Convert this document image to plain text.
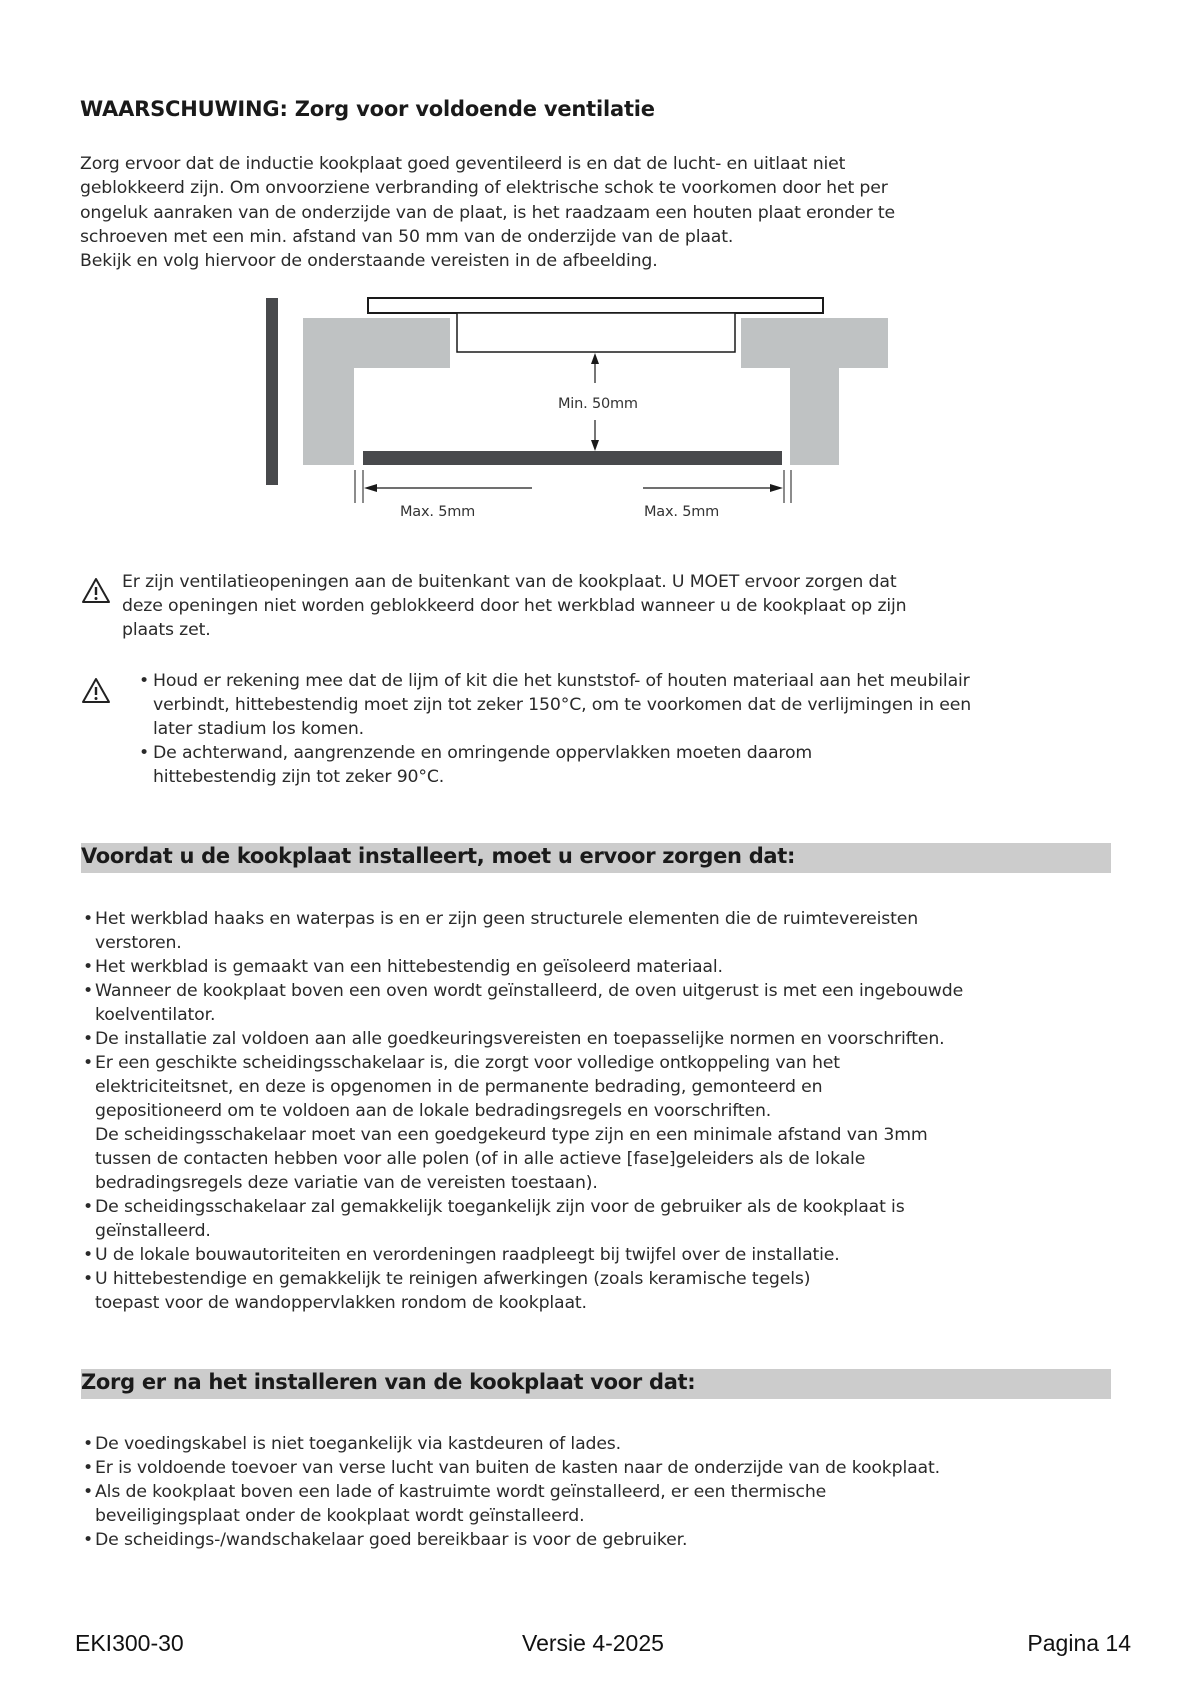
WAARSCHUWING: Zorg voor voldoende ventilatie
Zorg ervoor dat de inductie kookplaat goed geventileerd is en dat de lucht- en uitlaat niet
geblokkeerd zijn. Om onvoorziene verbranding of elektrische schok te voorkomen door het per
ongeluk aanraken van de onderzijde van de plaat, is het raadzaam een houten plaat eronder te
schroeven met een min. afstand van 50 mm van de onderzijde van de plaat.
Bekijk en volg hiervoor de onderstaande vereisten in de afbeelding.
Min. 50mm
Max. 5mm	Max. 5mm
Er zijn ventilatieopeningen aan de buitenkant van de kookplaat. U MOET ervoor zorgen dat
deze openingen niet worden geblokkeerd door het werkblad wanneer u de kookplaat op zijn
plaats zet.
• Houd er rekening mee dat de lijm of kit die het kunststof- of houten materiaal aan het meubilair
verbindt, hittebestendig moet zijn tot zeker 150°C, om te voorkomen dat de verlijmingen in een
later stadium los komen.
• De achterwand, aangrenzende en omringende oppervlakken moeten daarom
hittebestendig zijn tot zeker 90°C.
Voordat u de kookplaat installeert, moet u ervoor zorgen dat:
• Het werkblad haaks en waterpas is en er zijn geen structurele elementen die de ruimtevereisten
verstoren.
• Het werkblad is gemaakt van een hittebestendig en geïsoleerd materiaal.
• Wanneer de kookplaat boven een oven wordt geïnstalleerd, de oven uitgerust is met een ingebouwde
koelventilator.
• De installatie zal voldoen aan alle goedkeuringsvereisten en toepasselijke normen en voorschriften.
• Er een geschikte scheidingsschakelaar is, die zorgt voor volledige ontkoppeling van het
elektriciteitsnet, en deze is opgenomen in de permanente bedrading, gemonteerd en
gepositioneerd om te voldoen aan de lokale bedradingsregels en voorschriften.
De scheidingsschakelaar moet van een goedgekeurd type zijn en een minimale afstand van 3mm
tussen de contacten hebben voor alle polen (of in alle actieve [fase]geleiders als de lokale
bedradingsregels deze variatie van de vereisten toestaan).
• De scheidingsschakelaar zal gemakkelijk toegankelijk zijn voor de gebruiker als de kookplaat is
geïnstalleerd.
• U de lokale bouwautoriteiten en verordeningen raadpleegt bij twijfel over de installatie.
• U hittebestendige en gemakkelijk te reinigen afwerkingen (zoals keramische tegels)
toepast voor de wandoppervlakken rondom de kookplaat.
Zorg er na het installeren van de kookplaat voor dat:
• De voedingskabel is niet toegankelijk via kastdeuren of lades.
• Er is voldoende toevoer van verse lucht van buiten de kasten naar de onderzijde van de kookplaat.
• Als de kookplaat boven een lade of kastruimte wordt geïnstalleerd, er een thermische
beveiligingsplaat onder de kookplaat wordt geïnstalleerd.
• De scheidings-/wandschakelaar goed bereikbaar is voor de gebruiker.
EKI300-30	Versie 4-2025	Pagina 14
